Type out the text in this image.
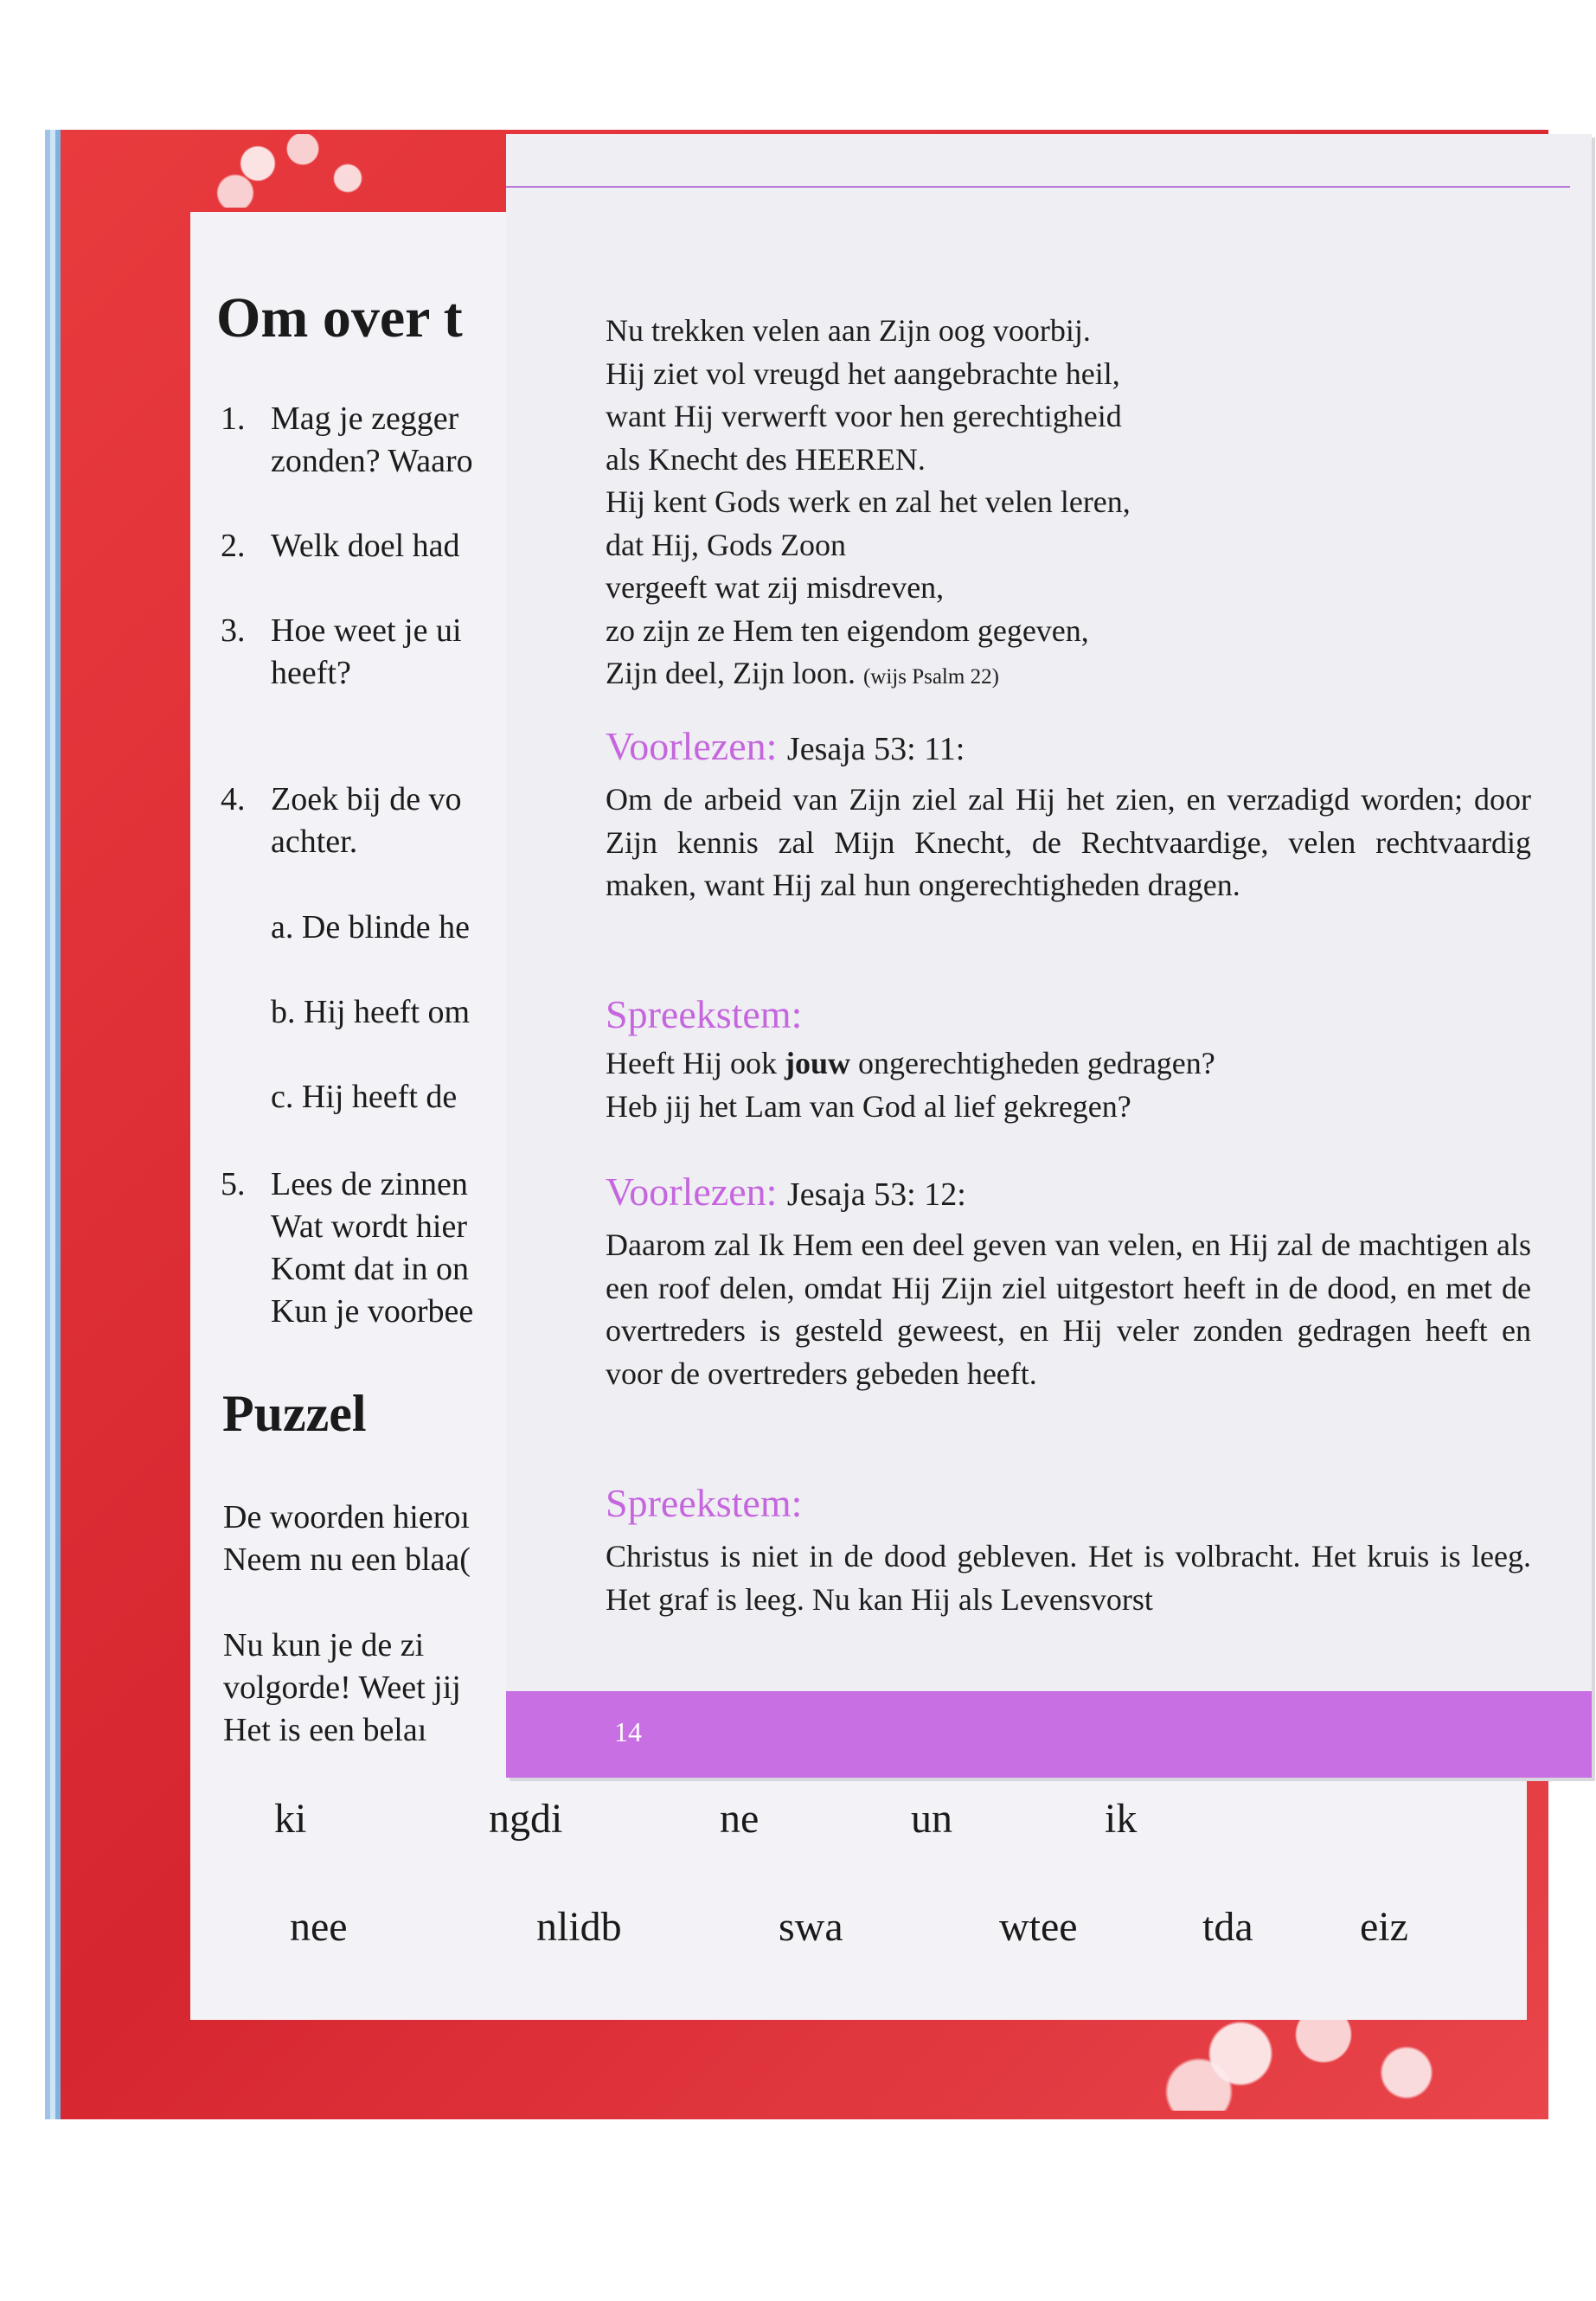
Om over t
1. Mag je zegger
zonden? Waaro
2. Welk doel had
3. Hoe weet je ui
heeft?
4. Zoek bij de vo
achter.
a. De blinde he
b. Hij heeft om
c. Hij heeft de
5. Lees de zinnen
Wat wordt hier
Komt dat in on
Kun je voorbee
Puzzel
De woorden hieroı
Neem nu een blaa(
Nu kun je de zi
volgorde! Weet jij
Het is een belaı
ki	ngdi	ne	un	ik
nee	nlidb	swa	wtee	tda	eiz
Nu trekken velen aan Zijn oog voorbij.
Hij ziet vol vreugd het aangebrachte heil,
want Hij verwerft voor hen gerechtigheid
als Knecht des HEEREN.
Hij kent Gods werk en zal het velen leren,
dat Hij, Gods Zoon
vergeeft wat zij misdreven,
zo zijn ze Hem ten eigendom gegeven,
Zijn deel, Zijn loon. (wijs Psalm 22)
Voorlezen: Jesaja 53: 11:
Om de arbeid van Zijn ziel zal Hij het zien, en verzadigd worden; door Zijn kennis zal Mijn Knecht, de Rechtvaardige, velen rechtvaardig maken, want Hij zal hun ongerechtigheden dragen.
Spreekstem:
Heeft Hij ook jouw ongerechtigheden gedragen?
Heb jij het Lam van God al lief gekregen?
Voorlezen: Jesaja 53: 12:
Daarom zal Ik Hem een deel geven van velen, en Hij zal de machtigen als een roof delen, omdat Hij Zijn ziel uitgestort heeft in de dood, en met de overtreders is gesteld geweest, en Hij veler zonden gedragen heeft en voor de overtreders gebeden heeft.
Spreekstem:
Christus is niet in de dood gebleven. Het is volbracht. Het kruis is leeg. Het graf is leeg. Nu kan Hij als Levensvorst
14
